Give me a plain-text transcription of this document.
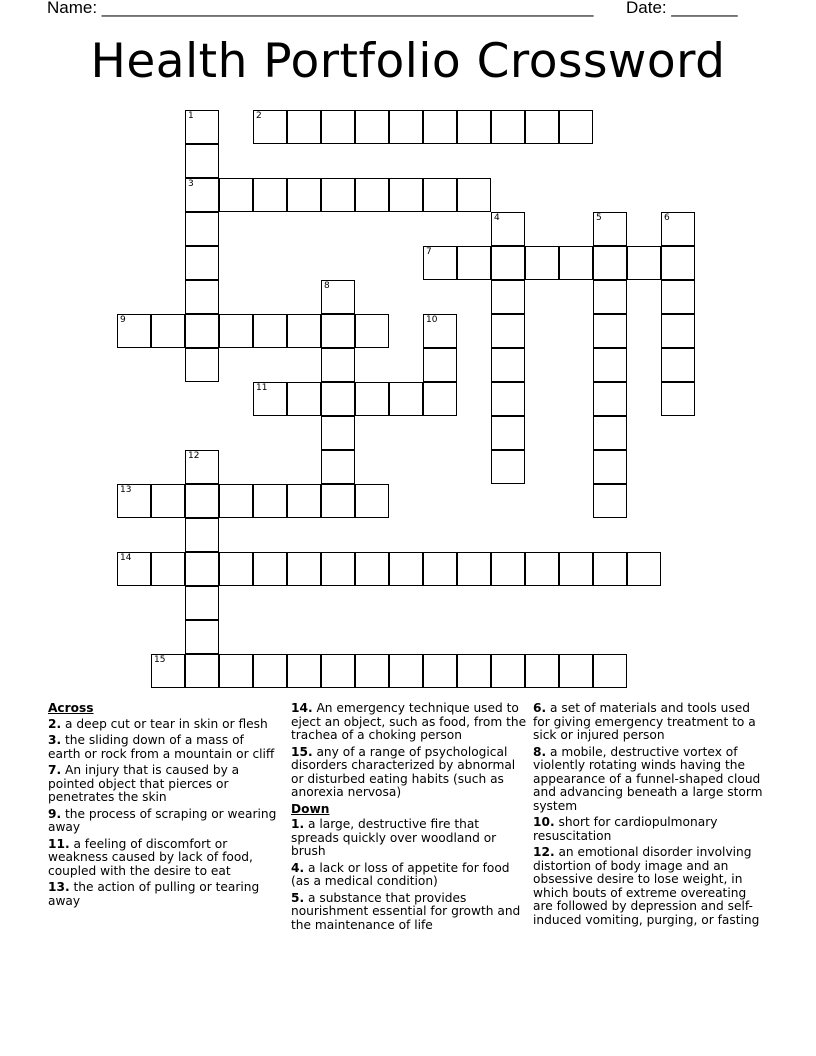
Name: ____________________________________________________ Date: _______
Health Portfolio Crossword
2
3
7
9
11
13
14
15
1
4	5	6
8
10
12
Across
2. a deep cut or tear in skin or flesh
3. the sliding down of a mass of earth or rock from a mountain or cliff
7. An injury that is caused by a pointed object that pierces or penetrates the skin
9. the process of scraping or wearing away
11. a feeling of discomfort or weakness caused by lack of food, coupled with the desire to eat
13. the action of pulling or tearing away
14. An emergency technique used to eject an object, such as food, from the trachea of a choking person
15. any of a range of psychological disorders characterized by abnormal or disturbed eating habits (such as anorexia nervosa)
Down
1. a large, destructive fire that spreads quickly over woodland or brush
4. a lack or loss of appetite for food (as a medical condition)
5. a substance that provides nourishment essential for growth and the maintenance of life
6. a set of materials and tools used for giving emergency treatment to a sick or injured person
8. a mobile, destructive vortex of violently rotating winds having the appearance of a funnel-shaped cloud and advancing beneath a large storm system
10. short for cardiopulmonary resuscitation
12. an emotional disorder involving distortion of body image and an obsessive desire to lose weight, in which bouts of extreme overeating are followed by depression and self-induced vomiting, purging, or fasting
